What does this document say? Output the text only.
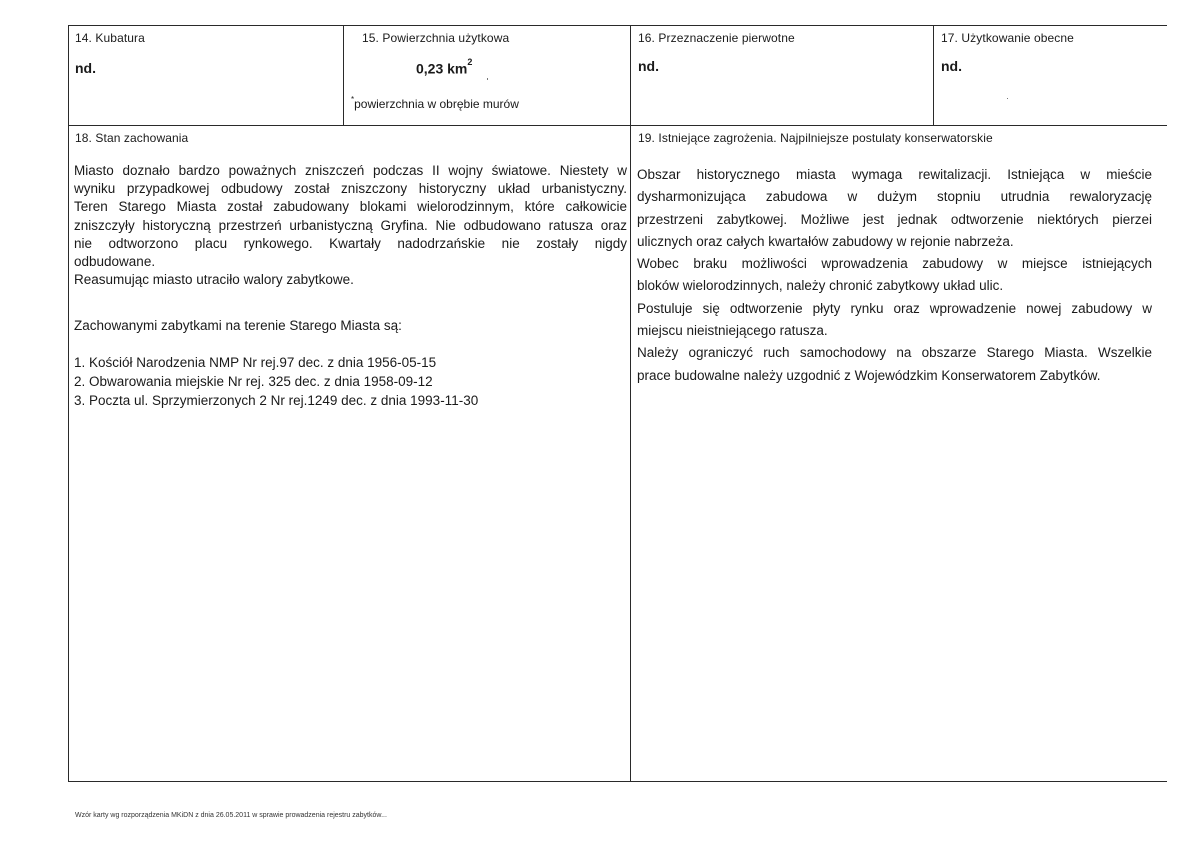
14. Kubatura
nd.
15. Powierzchnia użytkowa
0,23 $km^2$
*powierzchnia w obrębie murów
16. Przeznaczenie pierwotne
nd.
17. Użytkowanie obecne
nd.
18. Stan zachowania
Miasto doznało bardzo poważnych zniszczeń podczas II wojny światowe. Niestety w
wyniku przypadkowej odbudowy został zniszczony historyczny układ urbanistyczny.
Teren Starego Miasta został zabudowany blokami wielorodzinnym, które całkowicie
zniszczyły historyczną przestrzeń urbanistyczną Gryfina. Nie odbudowano ratusza oraz
nie odtworzono placu rynkowego. Kwartały nadodrzańskie nie zostały nigdy
odbudowane.
Reasumując miasto utraciło walory zabytkowe.
Zachowanymi zabytkami na terenie Starego Miasta są:
1. Kościół Narodzenia NMP Nr rej.97 dec. z dnia 1956-05-15
2. Obwarowania miejskie Nr rej. 325 dec. z dnia 1958-09-12
3. Poczta ul. Sprzymierzonych 2 Nr rej.1249 dec. z dnia 1993-11-30
19. Istniejące zagrożenia. Najpilniejsze postulaty konserwatorskie
Obszar historycznego miasta wymaga rewitalizacji. Istniejąca w mieście
dysharmonizująca zabudowa w dużym stopniu utrudnia rewaloryzację
przestrzeni zabytkowej. Możliwe jest jednak odtworzenie niektórych pierzei
ulicznych oraz całych kwartałów zabudowy w rejonie nabrzeża.
Wobec braku możliwości wprowadzenia zabudowy w miejsce istniejących
bloków wielorodzinnych, należy chronić zabytkowy układ ulic.
Postuluje się odtworzenie płyty rynku oraz wprowadzenie nowej zabudowy w
miejscu nieistniejącego ratusza.
Należy ograniczyć ruch samochodowy na obszarze Starego Miasta. Wszelkie
prace budowalne należy uzgodnić z Wojewódzkim Konserwatorem Zabytków.
Wzór karty wg rozporządzenia MKiDN z dnia 26.05.2011 w sprawie prowadzenia rejestru zabytków...
